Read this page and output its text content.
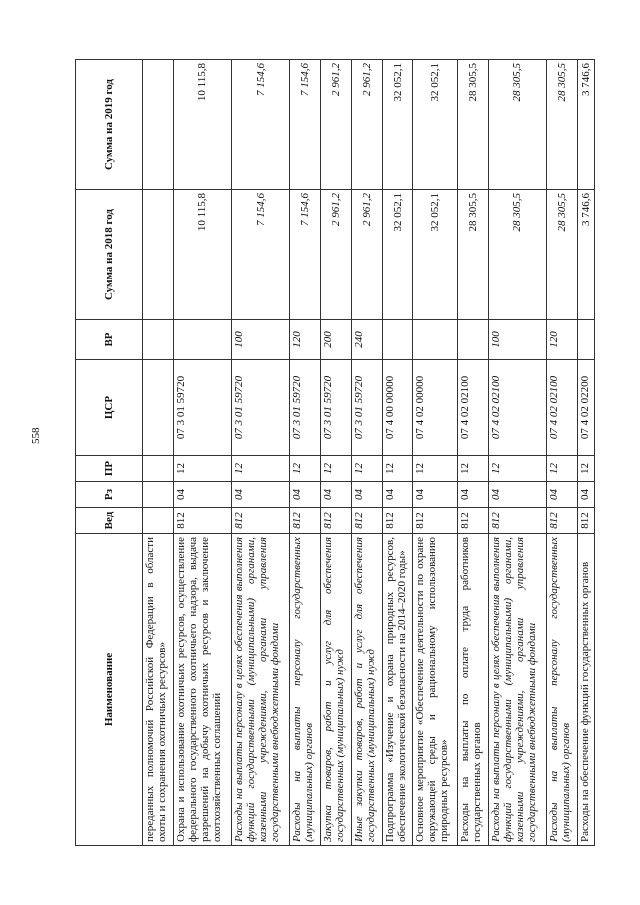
558
Наименование	Вед	Рз	ПР	ЦСР	ВР	Сумма на 2018 год	Сумма на 2019 год
переданных полномочий Российской Федерации в области охоты и сохранения охотничьих ресурсов»							
Охрана и использование охотничьих ресурсов, осуществление федерального государственного охотничьего надзора, выдача разрешений на добычу охотничьих ресурсов и заключение охотхозяйственных соглашений	812	04	12	07 3 01 59720		10 115,8	10 115,8
Расходы на выплаты персоналу в целях обеспечения выполнения функций государственными (муниципальными) органами, казенными учреждениями, органами управления государственными внебюджетными фондами	812	04	12	07 3 01 59720	100	7 154,6	7 154,6
Расходы на выплаты персоналу государственных (муниципальных) органов	812	04	12	07 3 01 59720	120	7 154,6	7 154,6
Закупка товаров, работ и услуг для обеспечения государственных (муниципальных) нужд	812	04	12	07 3 01 59720	200	2 961,2	2 961,2
Иные закупки товаров, работ и услуг для обеспечения государственных (муниципальных) нужд	812	04	12	07 3 01 59720	240	2 961,2	2 961,2
Подпрограмма «Изучение и охрана природных ресурсов, обеспечение экологической безопасности на 2014–2020 годы»	812	04	12	07 4 00 00000		32 052,1	32 052,1
Основное мероприятие «Обеспечение деятельности по охране окружающей среды и рациональному использованию природных ресурсов»	812	04	12	07 4 02 00000		32 052,1	32 052,1
Расходы на выплаты по оплате труда работников государственных органов	812	04	12	07 4 02 02100		28 305,5	28 305,5
Расходы на выплаты персоналу в целях обеспечения выполнения функций государственными (муниципальными) органами, казенными учреждениями, органами управления государственными внебюджетными фондами	812	04	12	07 4 02 02100	100	28 305,5	28 305,5
Расходы на выплаты персоналу государственных (муниципальных) органов	812	04	12	07 4 02 02100	120	28 305,5	28 305,5
Расходы на обеспечение функций государственных органов	812	04	12	07 4 02 02200		3 746,6	3 746,6
